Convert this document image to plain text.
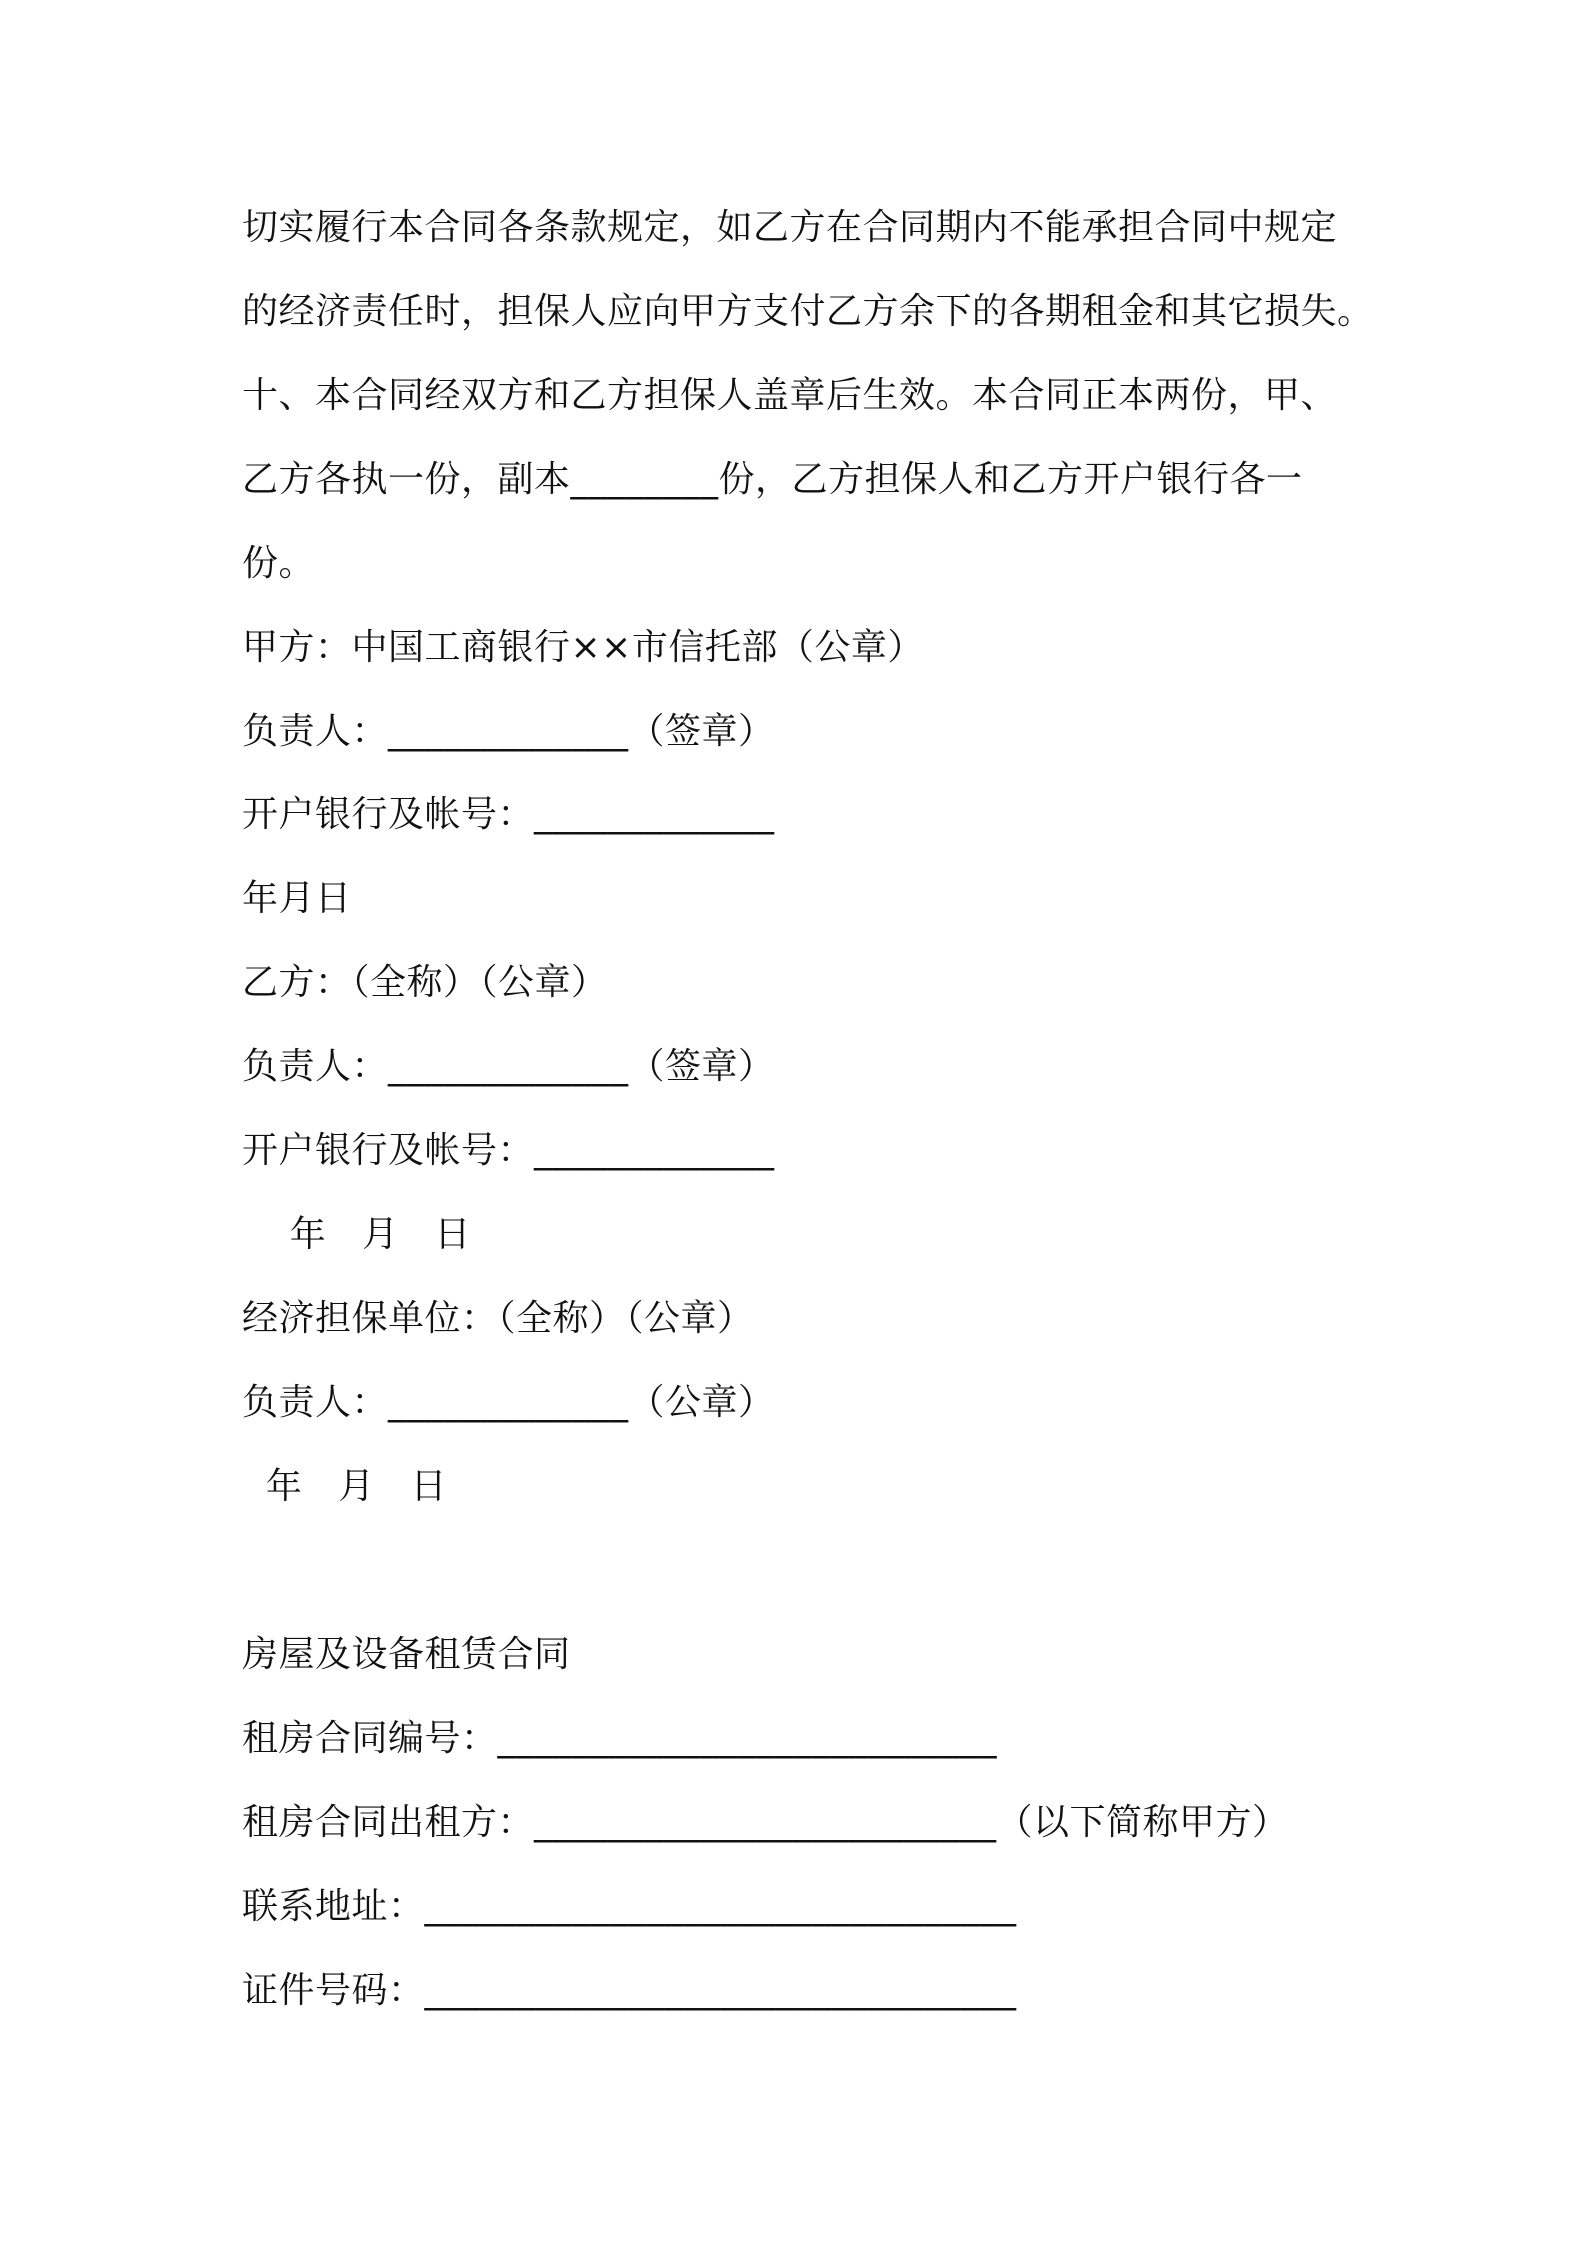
切实履行本合同各条款规定，如乙方在合同期内不能承担合同中规定
的经济责任时，担保人应向甲方支付乙方余下的各期租金和其它损失。
十、本合同经双方和乙方担保人盖章后生效。本合同正本两份，甲、
乙方各执一份，副本________份，乙方担保人和乙方开户银行各一
份。
甲方：中国工商银行××市信托部（公章）
负责人：_____________（签章）
开户银行及帐号：_____________
年月日
乙方：（全称）（公章）
负责人：_____________（签章）
开户银行及帐号：_____________
年   月   日
经济担保单位：（全称）（公章）
负责人：_____________（公章）
年   月   日
房屋及设备租赁合同
租房合同编号：___________________________
租房合同出租方：_________________________（以下简称甲方）
联系地址：________________________________
证件号码：________________________________
